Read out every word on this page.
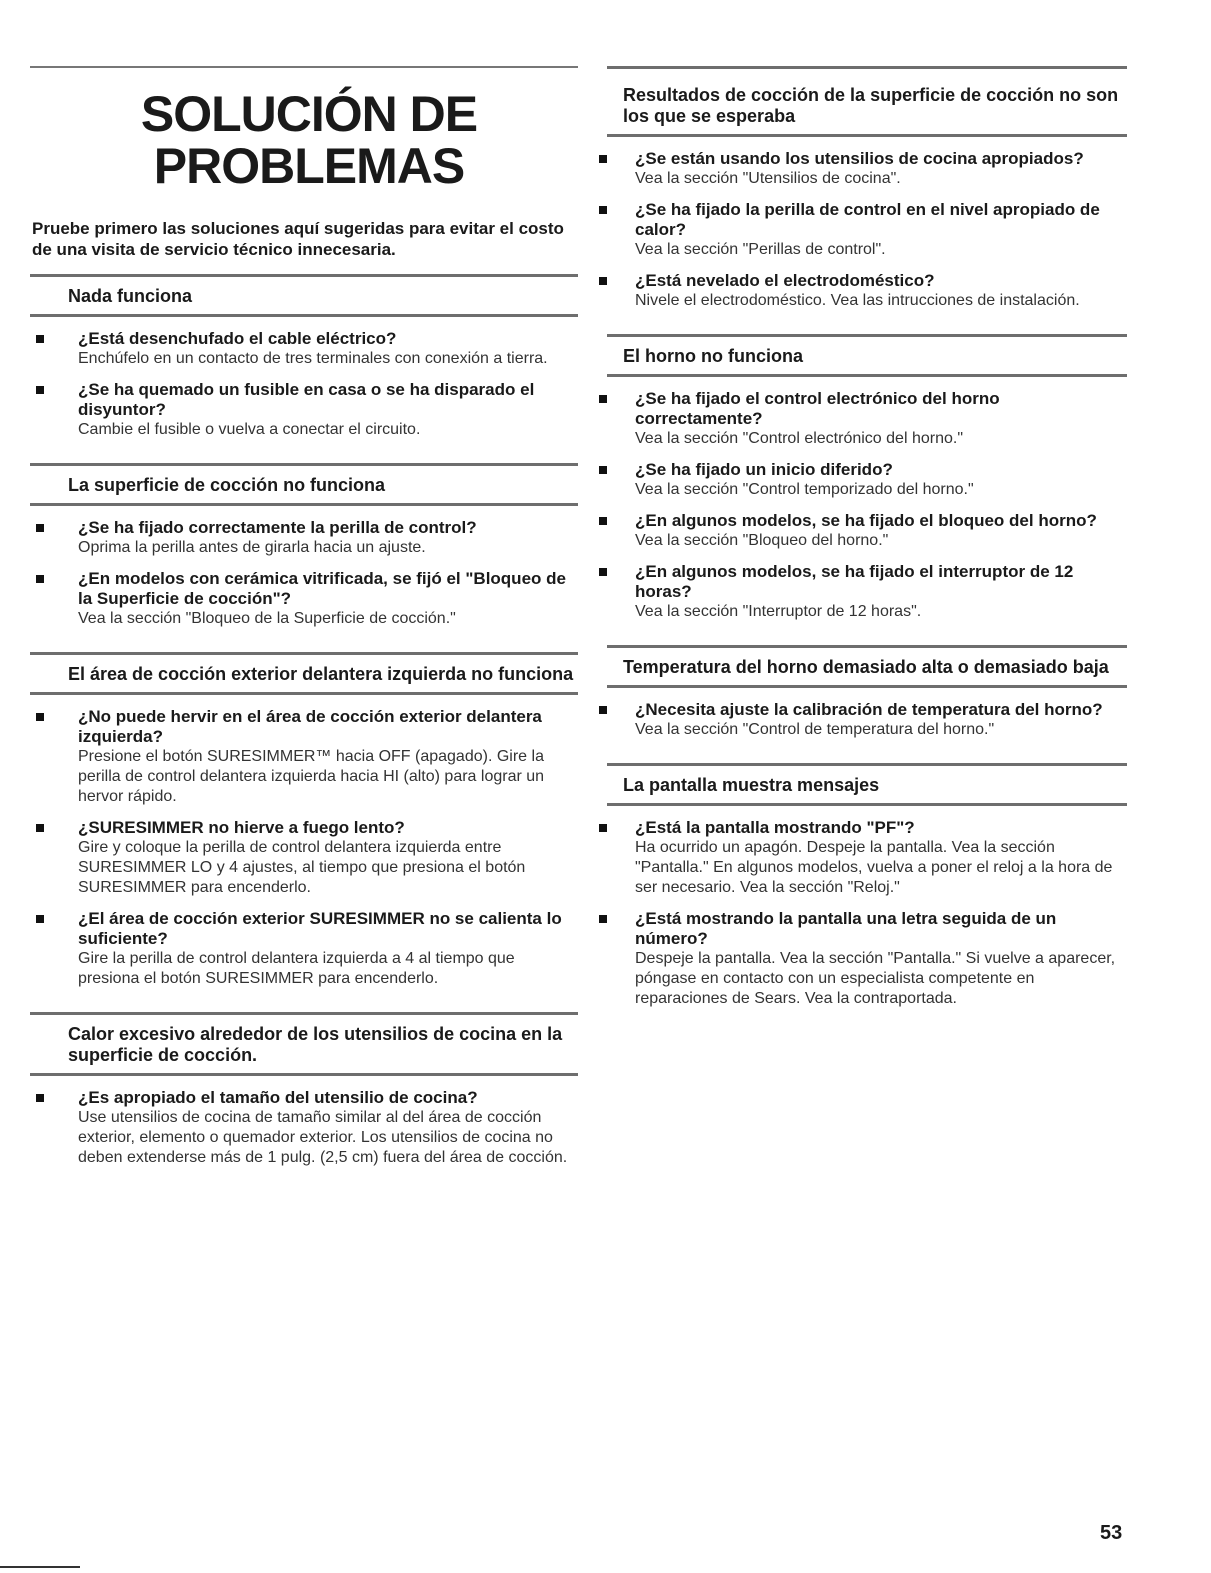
SOLUCIÓN DE
PROBLEMAS
Pruebe primero las soluciones aquí sugeridas para evitar el costo de una visita de servicio técnico innecesaria.
Nada funciona
¿Está desenchufado el cable eléctrico?
Enchúfelo en un contacto de tres terminales con conexión a tierra.
¿Se ha quemado un fusible en casa o se ha disparado el disyuntor?
Cambie el fusible o vuelva a conectar el circuito.
La superficie de cocción no funciona
¿Se ha fijado correctamente la perilla de control?
Oprima la perilla antes de girarla hacia un ajuste.
¿En modelos con cerámica vitrificada, se fijó el "Bloqueo de la Superficie de cocción"?
Vea la sección "Bloqueo de la Superficie de cocción."
El área de cocción exterior delantera izquierda no funciona
¿No puede hervir en el área de cocción exterior delantera izquierda?
Presione el botón SURESIMMER™ hacia OFF (apagado). Gire la perilla de control delantera izquierda hacia HI (alto) para lograr un hervor rápido.
¿SURESIMMER no hierve a fuego lento?
Gire y coloque la perilla de control delantera izquierda entre SURESIMMER LO y 4 ajustes, al tiempo que presiona el botón SURESIMMER para encenderlo.
¿El área de cocción exterior SURESIMMER no se calienta lo suficiente?
Gire la perilla de control delantera izquierda a 4 al tiempo que presiona el botón SURESIMMER para encenderlo.
Calor excesivo alrededor de los utensilios de cocina en la superficie de cocción.
¿Es apropiado el tamaño del utensilio de cocina?
Use utensilios de cocina de tamaño similar al del área de cocción exterior, elemento o quemador exterior. Los utensilios de cocina no deben extenderse más de 1 pulg. (2,5 cm) fuera del área de cocción.
Resultados de cocción de la superficie de cocción no son los que se esperaba
¿Se están usando los utensilios de cocina apropiados?
Vea la sección "Utensilios de cocina".
¿Se ha fijado la perilla de control en el nivel apropiado de calor?
Vea la sección "Perillas de control".
¿Está nevelado el electrodoméstico?
Nivele el electrodoméstico. Vea las intrucciones de instalación.
El horno no funciona
¿Se ha fijado el control electrónico del horno correctamente?
Vea la sección "Control electrónico del horno."
¿Se ha fijado un inicio diferido?
Vea la sección "Control temporizado del horno."
¿En algunos modelos, se ha fijado el bloqueo del horno?
Vea la sección "Bloqueo del horno."
¿En algunos modelos, se ha fijado el interruptor de 12 horas?
Vea la sección "Interruptor de 12 horas".
Temperatura del horno demasiado alta o demasiado baja
¿Necesita ajuste la calibración de temperatura del horno?
Vea la sección "Control de temperatura del horno."
La pantalla muestra mensajes
¿Está la pantalla mostrando "PF"?
Ha ocurrido un apagón. Despeje la pantalla. Vea la sección "Pantalla." En algunos modelos, vuelva a poner el reloj a la hora de ser necesario. Vea la sección "Reloj."
¿Está mostrando la pantalla una letra seguida de un número?
Despeje la pantalla. Vea la sección "Pantalla." Si vuelve a aparecer, póngase en contacto con un especialista competente en reparaciones de Sears. Vea la contraportada.
53
